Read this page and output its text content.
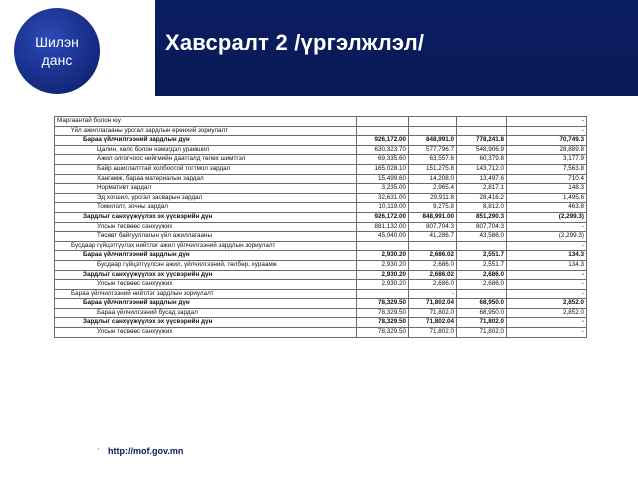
Шилэн
данс
Хавсралт 2 /үргэлжлэл/
Маргаантай болон юу				-
Үйл ажиллагааны урсгал зардлын ерөнхий зориулалт				-
Бараа үйлчилгээний зардлын дүн	926,172.00	848,991.0	778,241.8	70,749.3
Цалин, хөлс болон нэмэгдэл урамшил	630,323.70	577,796.7	548,906.9	28,889.8
Ажил олгогчоос нийгмийн даатгалд төлөх шимтгэл	69,335.60	63,557.6	60,379.8	3,177.9
Байр ашиглалттай холбоотой тогтмол зардал	165,028.10	151,275.8	143,712.0	7,563.8
Хангамж, бараа материалын зардал	15,499.60	14,208.0	13,497.6	710.4
Нормативт зардал	3,235.00	2,965.4	2,817.1	148.3
Эд хогшил, урсгал засварын зардал	32,631.00	29,911.8	28,416.2	1,495.6
Томилолт, зочны зардал	10,119.00	9,275.8	8,812.0	463.8
Зардлыг санхүүжүүлэх эх үүсвэрийн дүн	926,172.00	848,991.00	851,290.3	(2,299.3)
Улсын төсвөөс санхүүжих	881,132.00	807,704.3	807,704.3	-
Төсөвт байгууллагын үйл ажиллагааны	45,040.00	41,286.7	43,586.0	(2,299.3)
Бусдаар гүйцэтгүүлэх нийтлэг ажил үйлчилгээний зардлын зориулалт				-
Бараа үйлчилгээний зардлын дүн	2,930.20	2,686.02	2,551.7	134.3
Бусдаар гүйцэтгүүлсэн ажил, үйлчилгээний, төлбөр, хураамж	2,930.20	2,686.0	2,551.7	134.3
Зардлыг санхүүжүүлэх эх үүсвэрийн дүн	2,930.20	2,686.02	2,686.0	-
Улсын төсвөөс санхүүжих	2,930.20	2,686.0	2,686.0	-
Бараа үйлчилгээний нийтлэг зардлын зориулалт		-		-
Бараа үйлчилгээний зардлын дүн	78,329.50	71,802.04	68,950.0	2,852.0
Бараа үйлчилгээний бусад зардал	78,329.50	71,802.0	68,950.0	2,852.0
Зардлыг санхүүжүүлэх эх үүсвэрийн дүн	78,329.50	71,802.04	71,802.0	-
Улсын төсвөөс санхүүжих	78,329.50	71,802.0	71,802.0	-
' http://mof.gov.mn
